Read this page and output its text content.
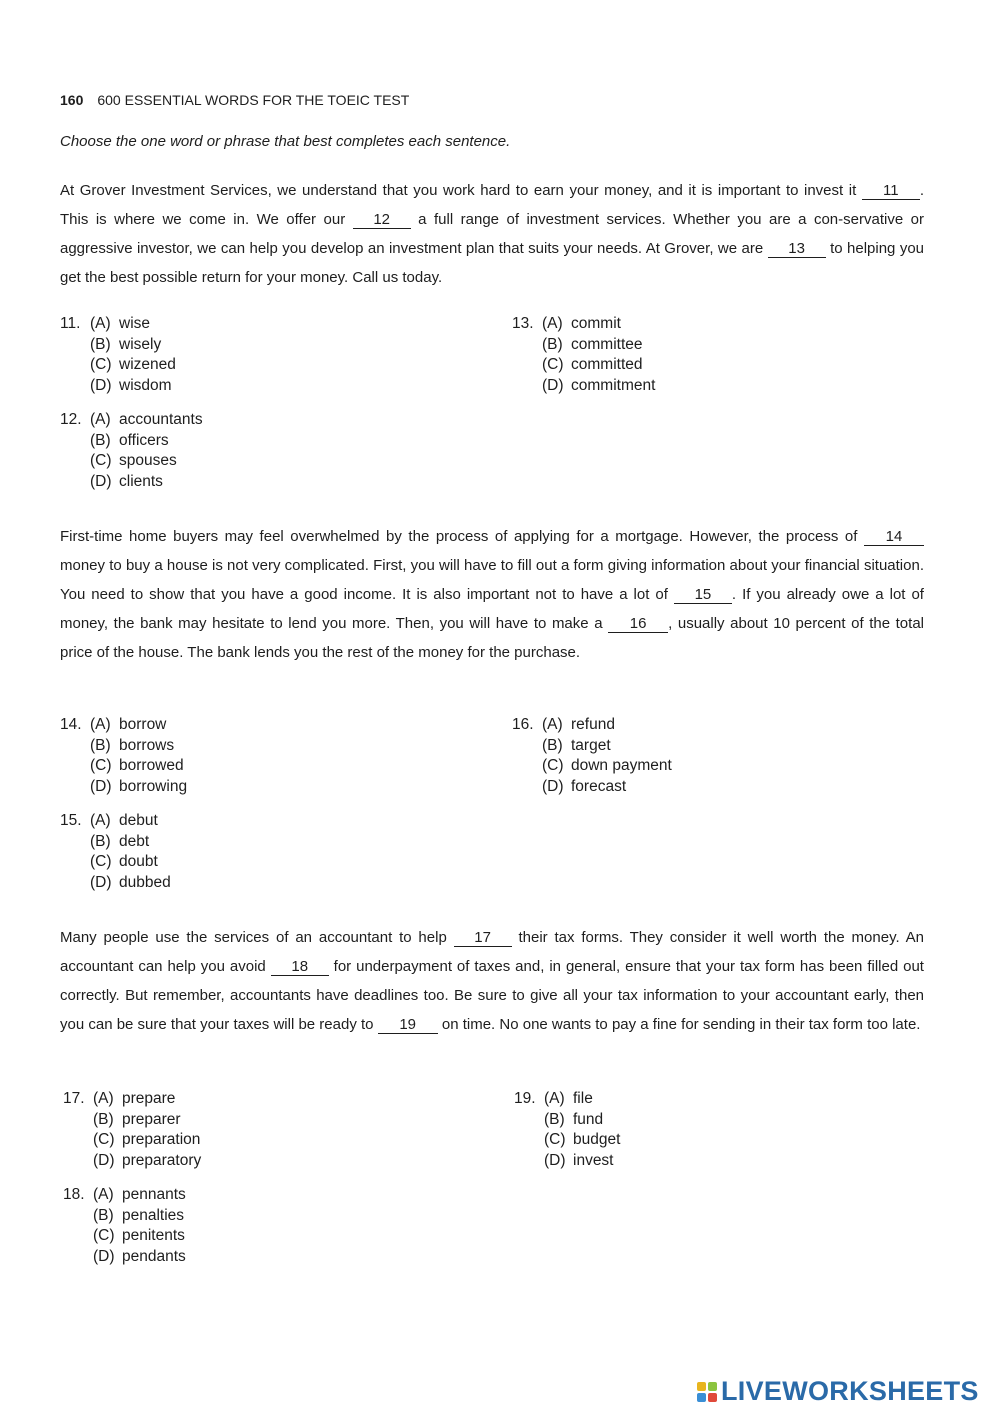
160 600 ESSENTIAL WORDS FOR THE TOEIC TEST
Choose the one word or phrase that best completes each sentence.

At Grover Investment Services, we understand that you work hard to earn your money, and it is important to invest it 11 . This is where we come in. We offer our 12 a full range of investment services. Whether you are a con-servative or aggressive investor, we can help you develop an investment plan that suits your needs. At Grover, we are 13 to helping you get the best possible return for your money. Call us today.

11. (A) wise
(B) wisely
(C) wizened
(D) wisdom
13. (A) commit
(B) committee
(C) committed
(D) commitment
12. (A) accountants
(B) officers
(C) spouses
(D) clients

First-time home buyers may feel overwhelmed by the process of applying for a mortgage. However, the process of 14 money to buy a house is not very complicated. First, you will have to fill out a form giving information about your financial situation. You need to show that you have a good income. It is also important not to have a lot of 15 . If you already owe a lot of money, the bank may hesitate to lend you more. Then, you will have to make a 16 , usually about 10 percent of the total price of the house. The bank lends you the rest of the money for the purchase.

14. (A) borrow
(B) borrows
(C) borrowed
(D) borrowing
16. (A) refund
(B) target
(C) down payment
(D) forecast
15. (A) debut
(B) debt
(C) doubt
(D) dubbed

Many people use the services of an accountant to help 17 their tax forms. They consider it well worth the money. An accountant can help you avoid 18 for underpayment of taxes and, in general, ensure that your tax form has been filled out correctly. But remember, accountants have deadlines too. Be sure to give all your tax information to your accountant early, then you can be sure that your taxes will be ready to 19 on time. No one wants to pay a fine for sending in their tax form too late.

17. (A) prepare
(B) preparer
(C) preparation
(D) preparatory
19. (A) file
(B) fund
(C) budget
(D) invest
18. (A) pennants
(B) penalties
(C) penitents
(D) pendants
LIVEWORKSHEETS
